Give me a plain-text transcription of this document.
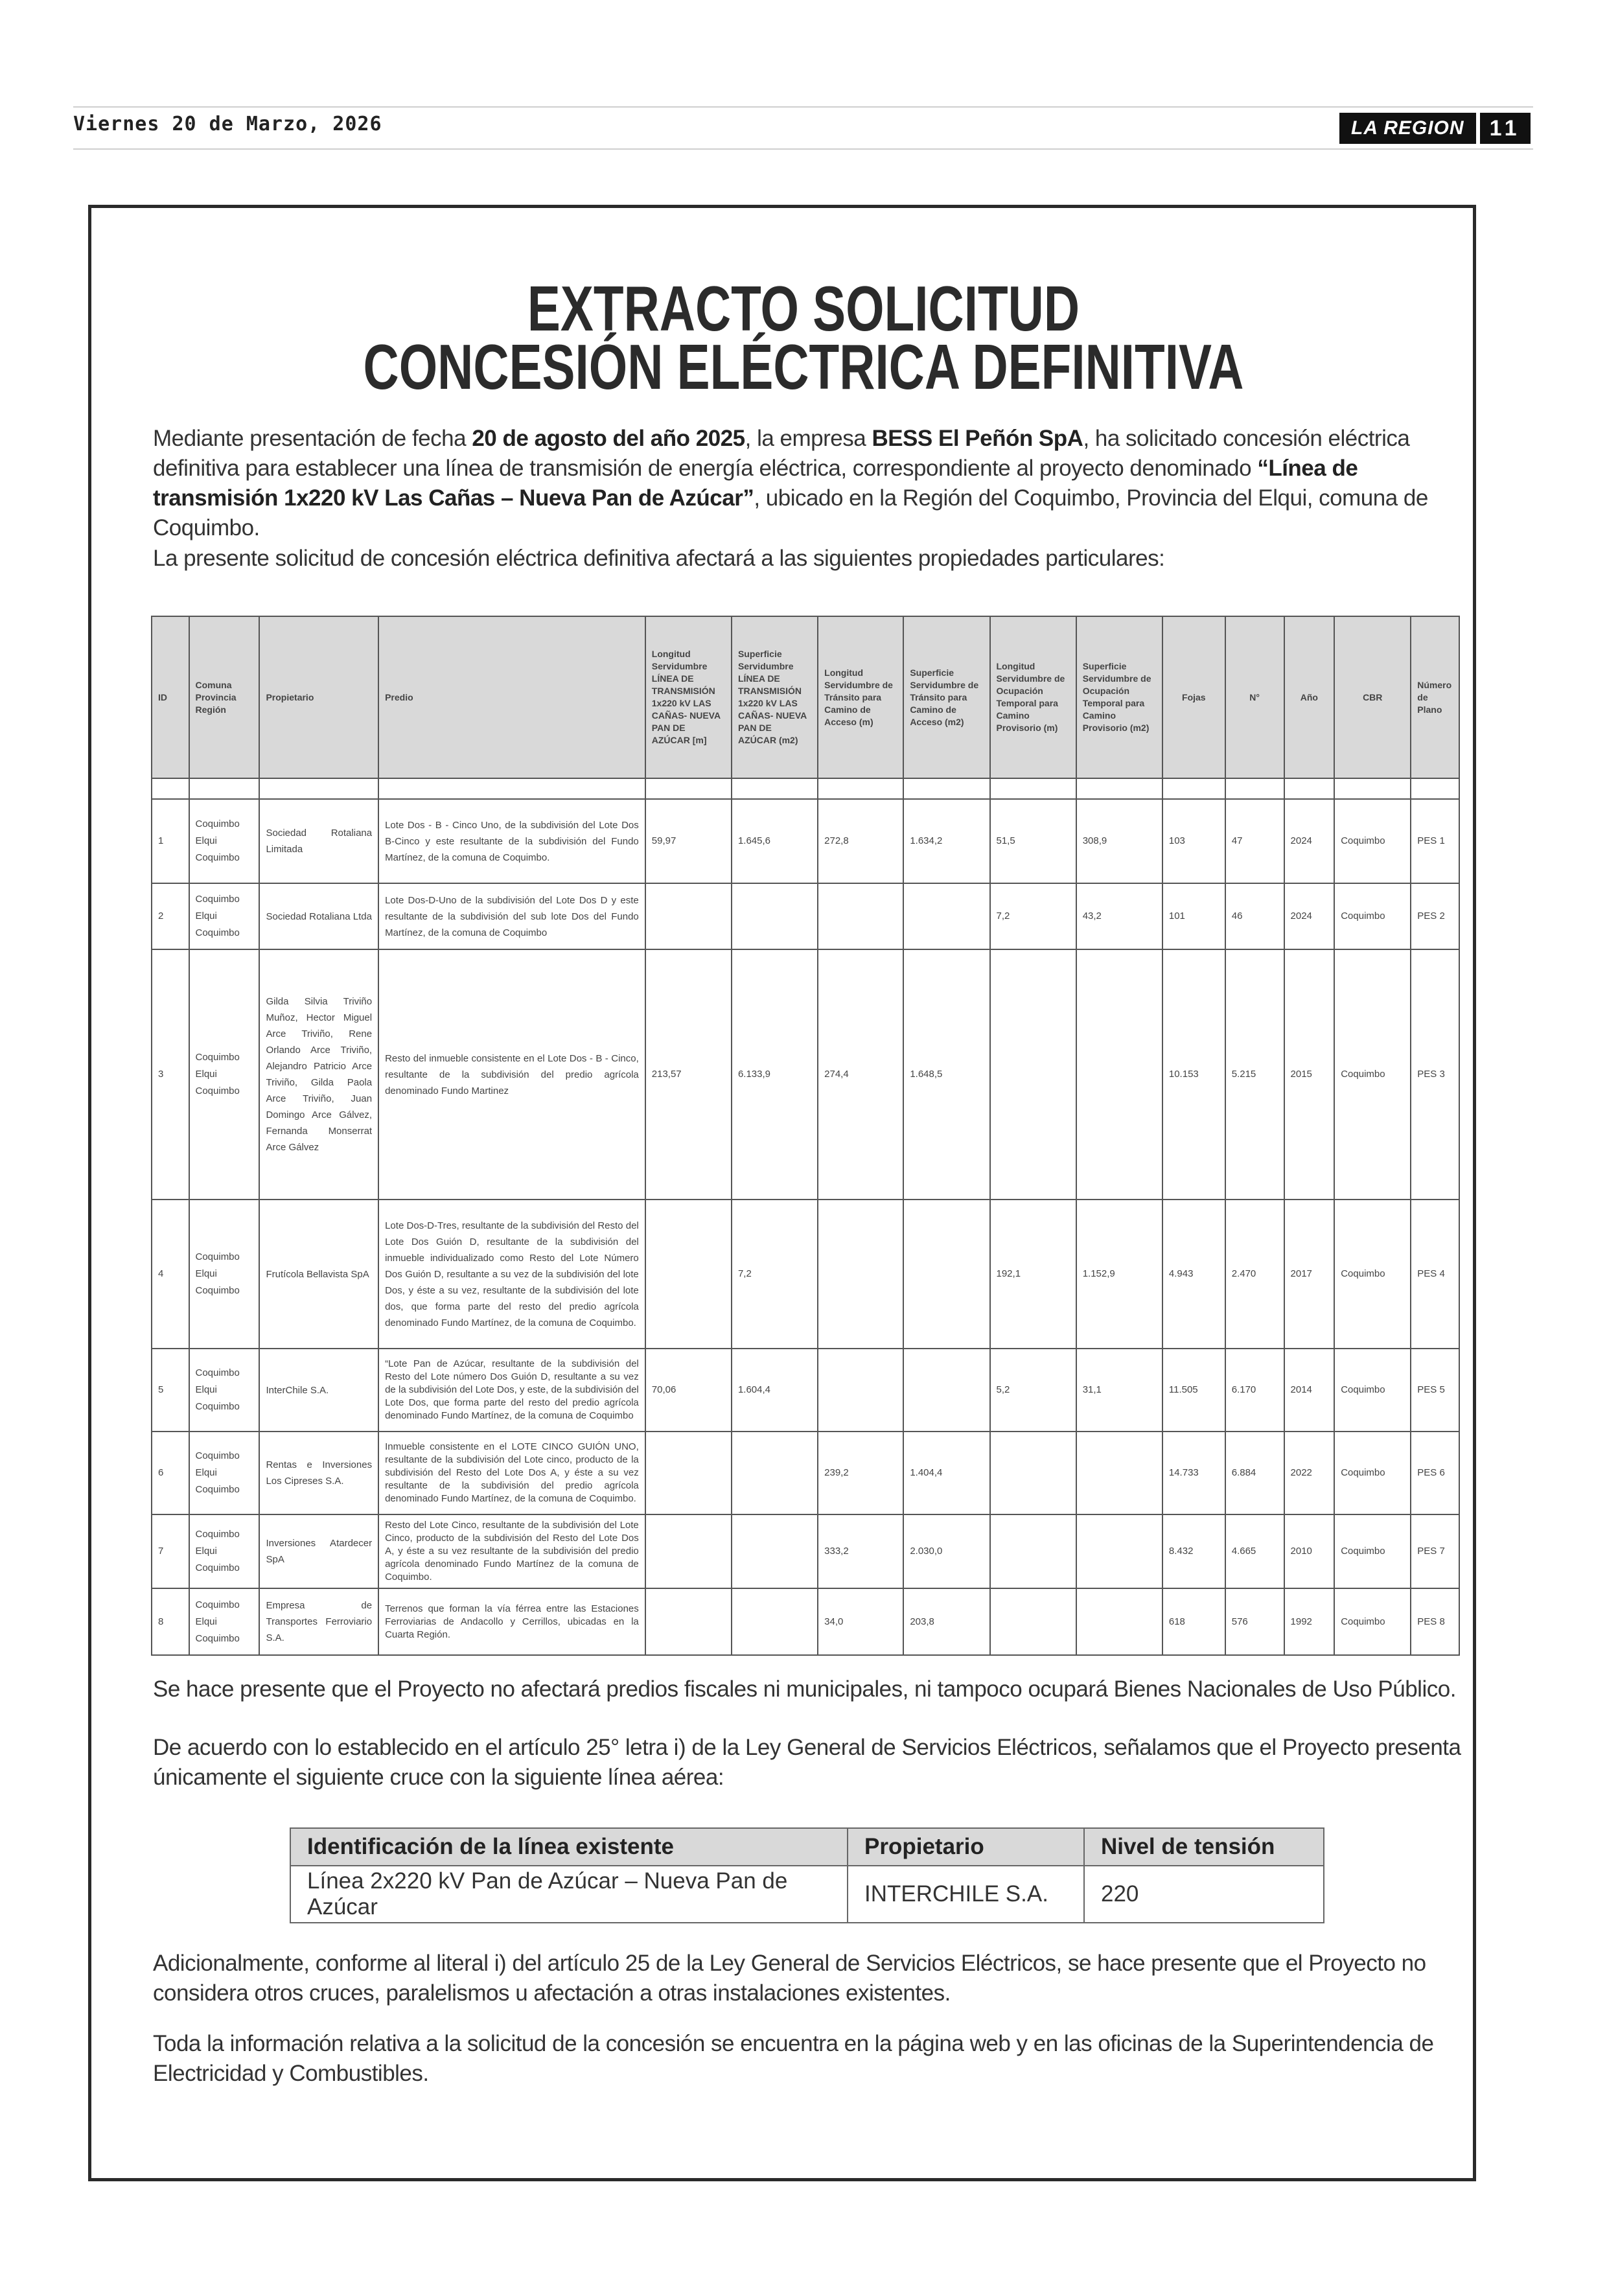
Viernes 20 de Marzo, 2026	LA REGION	11
EXTRACTO SOLICITUD
CONCESIÓN ELÉCTRICA DEFINITIVA
Mediante presentación de fecha 20 de agosto del año 2025, la empresa BESS El Peñón SpA, ha solicitado concesión eléctrica definitiva para establecer una línea de transmisión de energía eléctrica, correspondiente al proyecto denominado “Línea de transmisión 1x220 kV Las Cañas – Nueva Pan de Azúcar”, ubicado en la Región del Coquimbo, Provincia del Elqui, comuna de Coquimbo.
La presente solicitud de concesión eléctrica definitiva afectará a las siguientes propiedades particulares:
ID	Comuna Provincia Región	Propietario	Predio	Longitud Servidumbre LÍNEA DE TRANSMISIÓN 1x220 kV LAS CAÑAS- NUEVA PAN DE AZÚCAR [m]	Superficie Servidumbre LÍNEA DE TRANSMISIÓN 1x220 kV LAS CAÑAS- NUEVA PAN DE AZÚCAR (m2)	Longitud Servidumbre de Tránsito para Camino de Acceso (m)	Superficie Servidumbre de Tránsito para Camino de Acceso (m2)	Longitud Servidumbre de Ocupación Temporal para Camino Provisorio (m)	Superficie Servidumbre de Ocupación Temporal para Camino Provisorio (m2)	Fojas	N°	Año	CBR	Número de Plano

1	Coquimbo Elqui Coquimbo	Sociedad Rotaliana Limitada	Lote Dos - B - Cinco Uno, de la subdivisión del Lote Dos B-Cinco y este resultante de la subdivisión del Fundo Martínez, de la comuna de Coquimbo.	59,97	1.645,6	272,8	1.634,2	51,5	308,9	103	47	2024	Coquimbo	PES 1
2	Coquimbo Elqui Coquimbo	Sociedad Rotaliana Ltda	Lote Dos-D-Uno de la subdivisión del Lote Dos D y este resultante de la subdivisión del sub lote Dos del Fundo Martínez, de la comuna de Coquimbo					7,2	43,2	101	46	2024	Coquimbo	PES 2
3	Coquimbo Elqui Coquimbo	Gilda Silvia Triviño Muñoz, Hector Miguel Arce Triviño, Rene Orlando Arce Triviño, Alejandro Patricio Arce Triviño, Gilda Paola Arce Triviño, Juan Domingo Arce Gálvez, Fernanda Monserrat Arce Gálvez	Resto del inmueble consistente en el Lote Dos - B - Cinco, resultante de la subdivisión del predio agrícola denominado Fundo Martinez	213,57	6.133,9	274,4	1.648,5			10.153	5.215	2015	Coquimbo	PES 3
4	Coquimbo Elqui Coquimbo	Frutícola Bellavista SpA	Lote Dos-D-Tres, resultante de la subdivisión del Resto del Lote Dos Guión D, resultante de la subdivisión del inmueble individualizado como Resto del Lote Número Dos Guión D, resultante a su vez de la subdivisión del lote Dos, y éste a su vez, resultante de la subdivisión del lote dos, que forma parte del resto del predio agrícola denominado Fundo Martínez, de la comuna de Coquimbo.		7,2			192,1	1.152,9	4.943	2.470	2017	Coquimbo	PES 4
5	Coquimbo Elqui Coquimbo	InterChile S.A.	“Lote Pan de Azúcar, resultante de la subdivisión del Resto del Lote número Dos Guión D, resultante a su vez de la subdivisión del Lote Dos, y este, de la subdivisión del Lote Dos, que forma parte del resto del predio agrícola denominado Fundo Martínez, de la comuna de Coquimbo	70,06	1.604,4			5,2	31,1	11.505	6.170	2014	Coquimbo	PES 5
6	Coquimbo Elqui Coquimbo	Rentas e Inversiones Los Cipreses S.A.	Inmueble consistente en el LOTE CINCO GUIÓN UNO, resultante de la subdivisión del Lote cinco, producto de la subdivisión del Resto del Lote Dos A, y éste a su vez resultante de la subdivisión del predio agrícola denominado Fundo Martínez, de la comuna de Coquimbo.			239,2	1.404,4			14.733	6.884	2022	Coquimbo	PES 6
7	Coquimbo Elqui Coquimbo	Inversiones Atardecer SpA	Resto del Lote Cinco, resultante de la subdivisión del Lote Cinco, producto de la subdivisión del Resto del Lote Dos A, y éste a su vez resultante de la subdivisión del predio agrícola denominado Fundo Martínez de la comuna de Coquimbo.			333,2	2.030,0			8.432	4.665	2010	Coquimbo	PES 7
8	Coquimbo Elqui Coquimbo	Empresa de Transportes Ferroviario S.A.	Terrenos que forman la vía férrea entre las Estaciones Ferroviarias de Andacollo y Cerrillos, ubicadas en la Cuarta Región.			34,0	203,8			618	576	1992	Coquimbo	PES 8
Se hace presente que el Proyecto no afectará predios fiscales ni municipales, ni tampoco ocupará Bienes Nacionales de Uso Público.
De acuerdo con lo establecido en el artículo 25° letra i) de la Ley General de Servicios Eléctricos, señalamos que el Proyecto presenta únicamente el siguiente cruce con la siguiente línea aérea:
Identificación de la línea existente	Propietario	Nivel de tensión
Línea 2x220 kV Pan de Azúcar – Nueva Pan de Azúcar	INTERCHILE S.A.	220
Adicionalmente, conforme al literal i) del artículo 25 de la Ley General de Servicios Eléctricos, se hace presente que el Proyecto no considera otros cruces, paralelismos u afectación a otras instalaciones existentes.
Toda la información relativa a la solicitud de la concesión se encuentra en la página web y en las oficinas de la Superintendencia de Electricidad y Combustibles.
